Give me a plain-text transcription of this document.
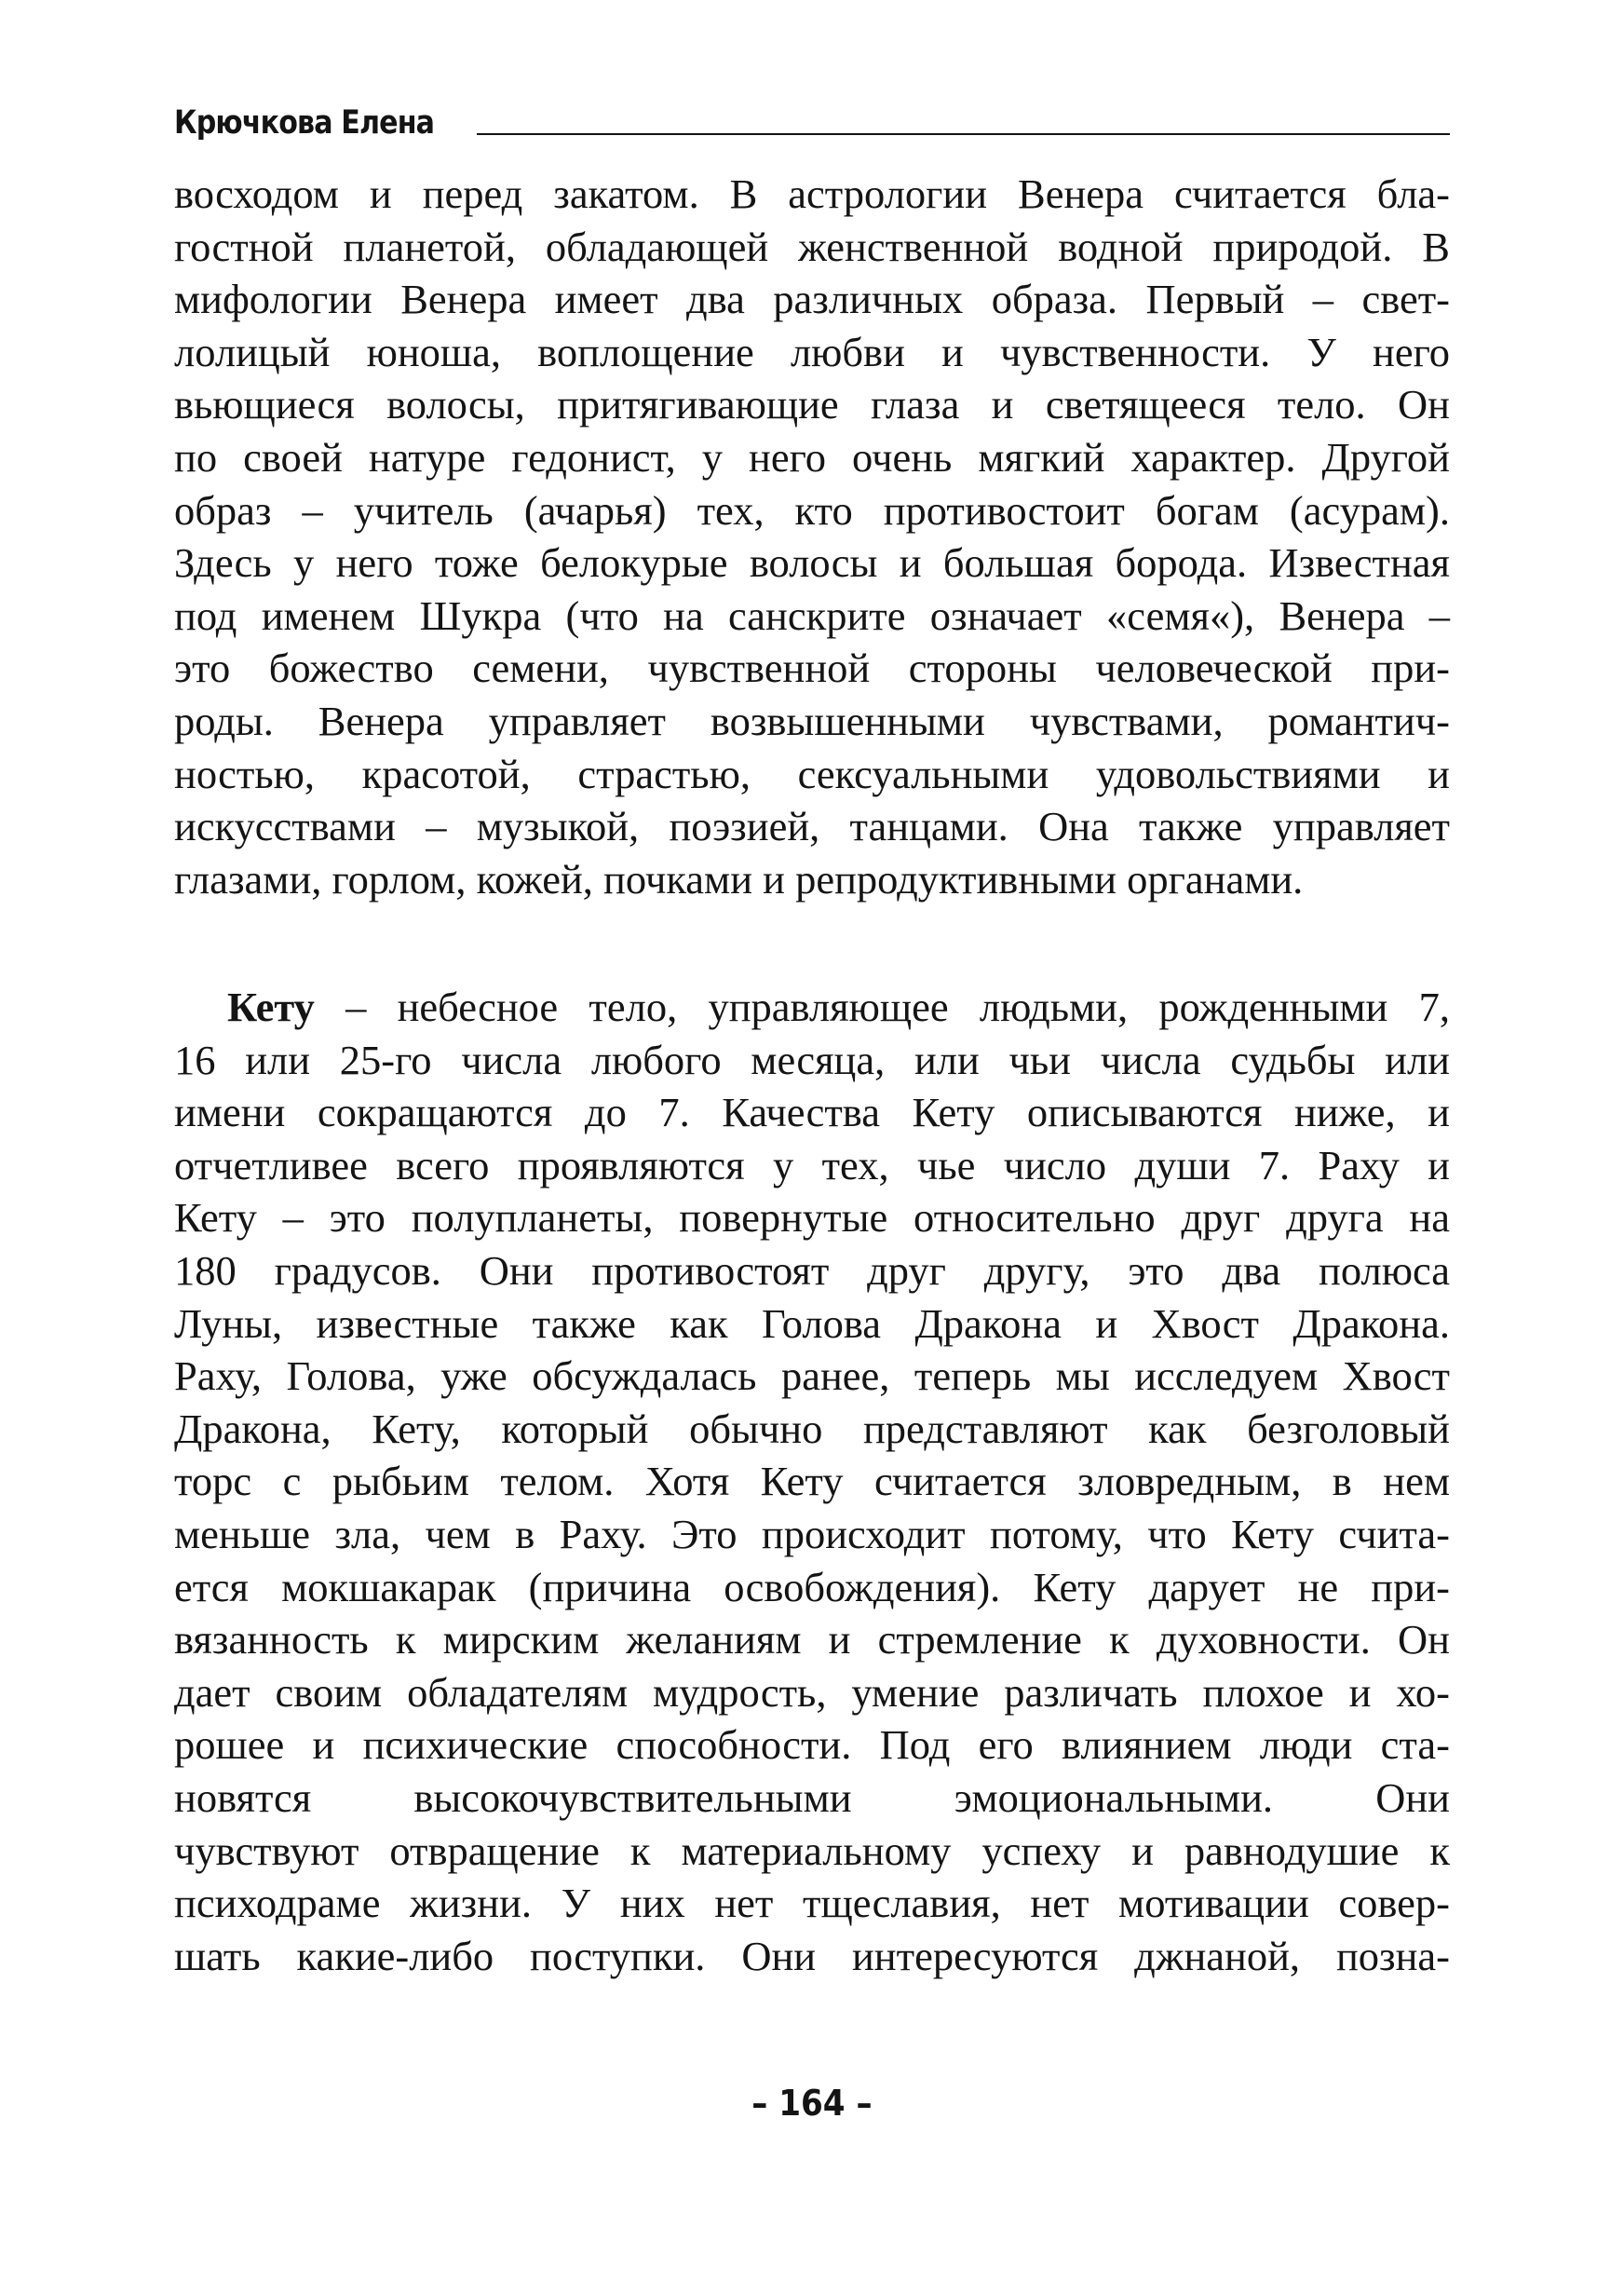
Крючкова Елена
восходом и перед закатом. В астрологии Венера считается бла-
гостной планетой, обладающей женственной водной природой. В
мифологии Венера имеет два различных образа. Первый – свет-
лолицый юноша, воплощение любви и чувственности. У него
вьющиеся волосы, притягивающие глаза и светящееся тело. Он
по своей натуре гедонист, у него очень мягкий характер. Другой
образ – учитель (ачарья) тех, кто противостоит богам (асурам).
Здесь у него тоже белокурые волосы и большая борода. Известная
под именем Шукра (что на санскрите означает «семя«), Венера –
это божество семени, чувственной стороны человеческой при-
роды. Венера управляет возвышенными чувствами, романтич-
ностью, красотой, страстью, сексуальными удовольствиями и
искусствами – музыкой, поэзией, танцами. Она также управляет
глазами, горлом, кожей, почками и репродуктивными органами.
Кету – небесное тело, управляющее людьми, рожденными 7,
16 или 25-го числа любого месяца, или чьи числа судьбы или
имени сокращаются до 7. Качества Кету описываются ниже, и
отчетливее всего проявляются у тех, чье число души 7. Раху и
Кету – это полупланеты, повернутые относительно друг друга на
180 градусов. Они противостоят друг другу, это два полюса
Луны, известные также как Голова Дракона и Хвост Дракона.
Раху, Голова, уже обсуждалась ранее, теперь мы исследуем Хвост
Дракона, Кету, который обычно представляют как безголовый
торс с рыбьим телом. Хотя Кету считается зловредным, в нем
меньше зла, чем в Раху. Это происходит потому, что Кету счита-
ется мокшакарак (причина освобождения). Кету дарует не при-
вязанность к мирским желаниям и стремление к духовности. Он
дает своим обладателям мудрость, умение различать плохое и хо-
рошее и психические способности. Под его влиянием люди ста-
новятся высокочувствительными эмоциональными. Они
чувствуют отвращение к материальному успеху и равнодушие к
психодраме жизни. У них нет тщеславия, нет мотивации совер-
шать какие-либо поступки. Они интересуются джнаной, позна-
– 164 –
